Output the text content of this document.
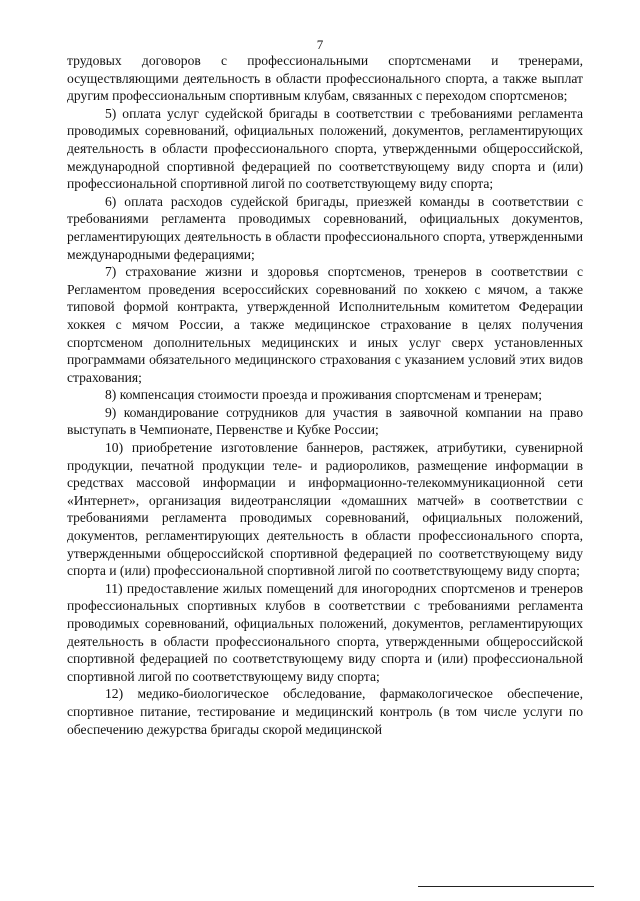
7

трудовых договоров с профессиональными спортсменами и тренерами, осуществляющими деятельность в области профессионального спорта, а также выплат другим профессиональным спортивным клубам, связанных с переходом спортсменов;

5) оплата услуг судейской бригады в соответствии с требованиями регламента проводимых соревнований, официальных положений, документов, регламентирующих деятельность в области профессионального спорта, утвержденными общероссийской, международной спортивной федерацией по соответствующему виду спорта и (или) профессиональной спортивной лигой по соответствующему виду спорта;

6) оплата расходов судейской бригады, приезжей команды в соответствии с требованиями регламента проводимых соревнований, официальных документов, регламентирующих деятельность в области профессионального спорта, утвержденными международными федерациями;

7) страхование жизни и здоровья спортсменов, тренеров в соответствии с Регламентом проведения всероссийских соревнований по хоккею с мячом, а также типовой формой контракта, утвержденной Исполнительным комитетом Федерации хоккея с мячом России, а также медицинское страхование в целях получения спортсменом дополнительных медицинских и иных услуг сверх установленных программами обязательного медицинского страхования с указанием условий этих видов страхования;

8) компенсация стоимости проезда и проживания спортсменам и тренерам;

9) командирование сотрудников для участия в заявочной компании на право выступать в Чемпионате, Первенстве и Кубке России;

10) приобретение изготовление баннеров, растяжек, атрибутики, сувенирной продукции, печатной продукции теле- и радиороликов, размещение информации в средствах массовой информации и информационно-телекоммуникационной сети «Интернет», организация видеотрансляции «домашних матчей» в соответствии с требованиями регламента проводимых соревнований, официальных положений, документов, регламентирующих деятельность в области профессионального спорта, утвержденными общероссийской спортивной федерацией по соответствующему виду спорта и (или) профессиональной спортивной лигой по соответствующему виду спорта;

11) предоставление жилых помещений для иногородних спортсменов и тренеров профессиональных спортивных клубов в соответствии с требованиями регламента проводимых соревнований, официальных положений, документов, регламентирующих деятельность в области профессионального спорта, утвержденными общероссийской спортивной федерацией по соответствующему виду спорта и (или) профессиональной спортивной лигой по соответствующему виду спорта;

12) медико-биологическое обследование, фармакологическое обеспечение, спортивное питание, тестирование и медицинский контроль (в том числе услуги по обеспечению дежурства бригады скорой медицинской
